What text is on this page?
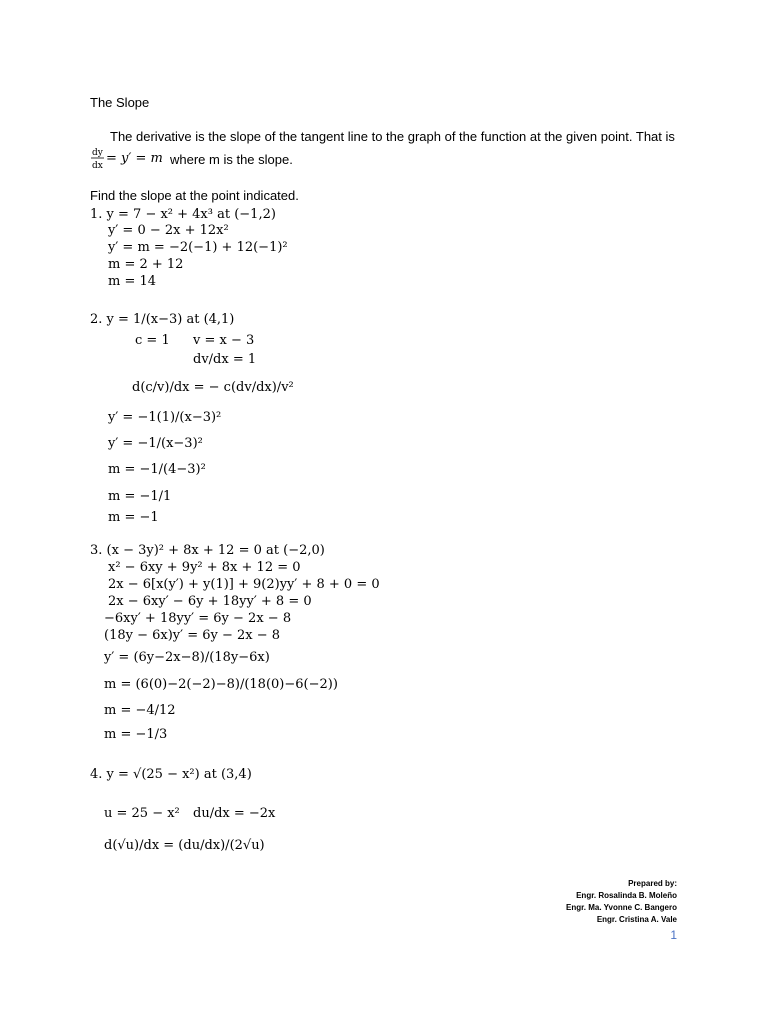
The Slope
The derivative is the slope of the tangent line to the graph of the function at the given point. That is
dy
dx = y′ = m where m is the slope.
Find the slope at the point indicated.
1. y = 7 − x² + 4x³ at (−1,2)
y′ = 0 − 2x + 12x²
y′ = m = −2(−1) + 12(−1)²
m = 2 + 12
m = 14
2. y = 1/(x−3) at (4,1)
c = 1 v = x − 3
dv/dx = 1
d(c/v)/dx = − c(dv/dx)/v²
y′ = −1(1)/(x−3)²
y′ = −1/(x−3)²
m = −1/(4−3)²
m = −1/1
m = −1
3. (x − 3y)² + 8x + 12 = 0 at (−2,0)
x² − 6xy + 9y² + 8x + 12 = 0
2x − 6[x(y′) + y(1)] + 9(2)yy′ + 8 + 0 = 0
2x − 6xy′ − 6y + 18yy′ + 8 = 0
−6xy′ + 18yy′ = 6y − 2x − 8
(18y − 6x)y′ = 6y − 2x − 8
y′ = (6y−2x−8)/(18y−6x)
m = (6(0)−2(−2)−8)/(18(0)−6(−2))
m = −4/12
m = −1/3
4. y = √(25 − x²) at (3,4)
u = 25 − x² du/dx = −2x
d(√u)/dx = (du/dx)/(2√u)
Prepared by:
Engr. Rosalinda B. Moleño
Engr. Ma. Yvonne C. Bangero
Engr. Cristina A. Vale
1
